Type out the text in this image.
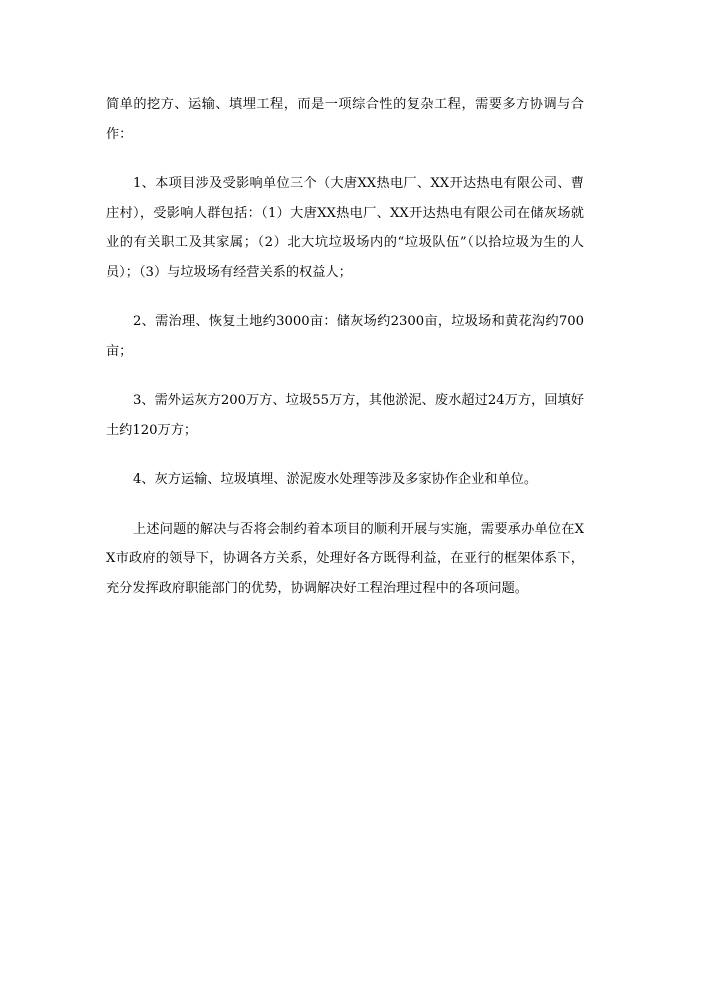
简单的挖方、运输、填埋工程，而是一项综合性的复杂工程，需要多方协调与合作：

1、本项目涉及受影响单位三个（大唐XX热电厂、XX开达热电有限公司、曹庄村），受影响人群包括：（1）大唐XX热电厂、XX开达热电有限公司在储灰场就业的有关职工及其家属；（2）北大坑垃圾场内的“垃圾队伍”（以拾垃圾为生的人员）；（3）与垃圾场有经营关系的权益人；

2、需治理、恢复土地约3000亩：储灰场约2300亩，垃圾场和黄花沟约700亩；

3、需外运灰方200万方、垃圾55万方，其他淤泥、废水超过24万方，回填好土约120万方；

4、灰方运输、垃圾填埋、淤泥废水处理等涉及多家协作企业和单位。

上述问题的解决与否将会制约着本项目的顺利开展与实施，需要承办单位在XX市政府的领导下，协调各方关系，处理好各方既得利益，在亚行的框架体系下，充分发挥政府职能部门的优势，协调解决好工程治理过程中的各项问题。
